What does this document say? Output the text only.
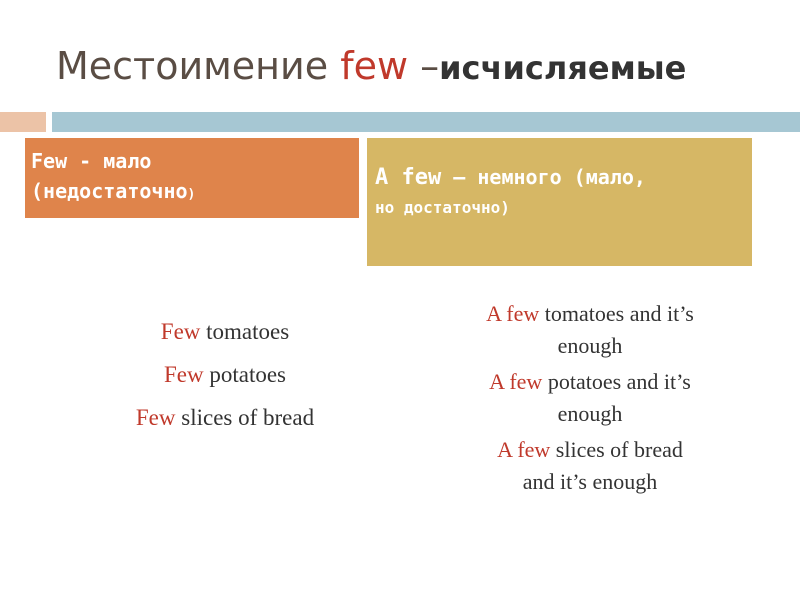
Местоимение few –исчисляемые
Few - мало
(недостаточно)
A few – немного (мало,
но достаточно)
Few tomatoes
Few potatoes
Few slices of bread
A few tomatoes and it’s
enough
A few potatoes and it’s
enough
A few slices of bread
and it’s enough
